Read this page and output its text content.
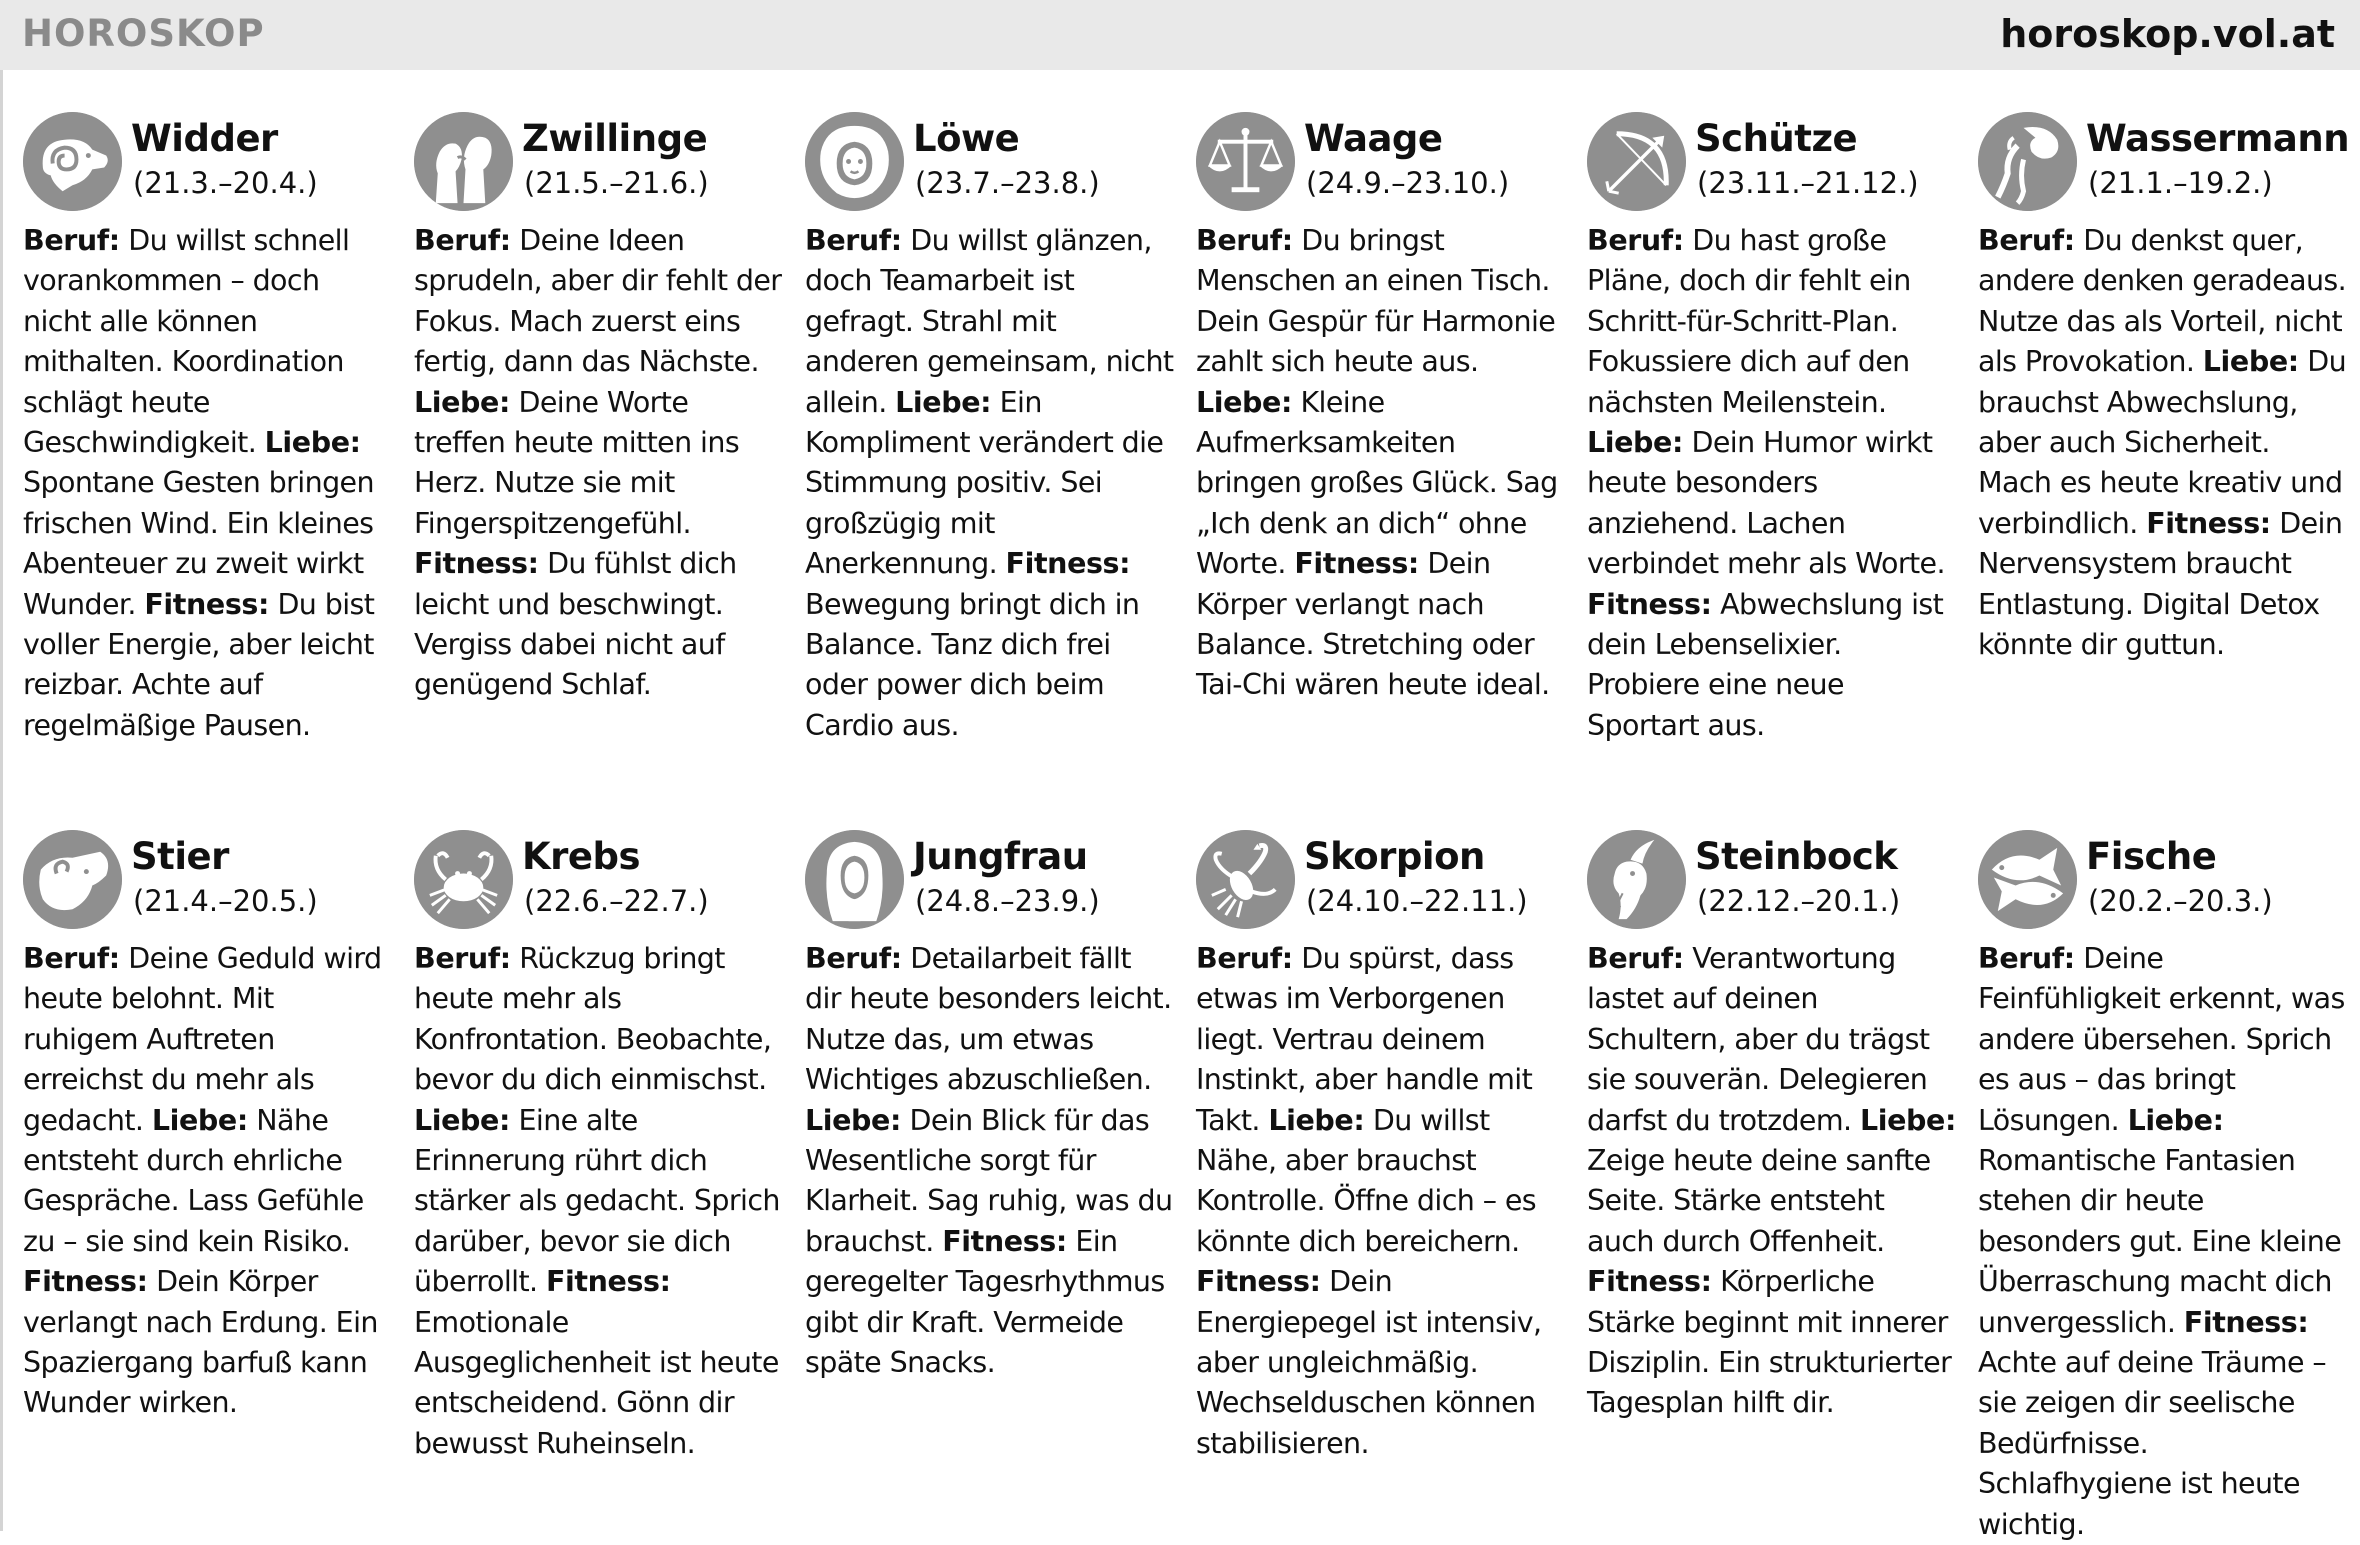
HOROSKOP	horoskop.vol.at
Widder
(21.3.–20.4.)
Beruf: Du willst schnell vorankommen – doch nicht alle können mithalten. Koordination schlägt heute Geschwindigkeit. Liebe: Spontane Gesten bringen frischen Wind. Ein kleines Abenteuer zu zweit wirkt Wunder. Fitness: Du bist voller Energie, aber leicht reizbar. Achte auf regelmäßige Pausen.
Zwillinge
(21.5.–21.6.)
Beruf: Deine Ideen sprudeln, aber dir fehlt der Fokus. Mach zuerst eins fertig, dann das Nächste. Liebe: Deine Worte treffen heute mitten ins Herz. Nutze sie mit Fingerspitzengefühl. Fitness: Du fühlst dich leicht und beschwingt. Vergiss dabei nicht auf genügend Schlaf.
Löwe
(23.7.–23.8.)
Beruf: Du willst glänzen, doch Teamarbeit ist gefragt. Strahl mit anderen gemeinsam, nicht allein. Liebe: Ein Kompliment verändert die Stimmung positiv. Sei großzügig mit Anerkennung. Fitness: Bewegung bringt dich in Balance. Tanz dich frei oder power dich beim Cardio aus.
Waage
(24.9.–23.10.)
Beruf: Du bringst Menschen an einen Tisch. Dein Gespür für Harmonie zahlt sich heute aus. Liebe: Kleine Aufmerksamkeiten bringen großes Glück. Sag „Ich denk an dich“ ohne Worte. Fitness: Dein Körper verlangt nach Balance. Stretching oder Tai-Chi wären heute ideal.
Schütze
(23.11.–21.12.)
Beruf: Du hast große Pläne, doch dir fehlt ein Schritt-für-Schritt-Plan. Fokussiere dich auf den nächsten Meilenstein. Liebe: Dein Humor wirkt heute besonders anziehend. Lachen verbindet mehr als Worte. Fitness: Abwechslung ist dein Lebenselixier. Probiere eine neue Sportart aus.
Wassermann
(21.1.–19.2.)
Beruf: Du denkst quer, andere denken geradeaus. Nutze das als Vorteil, nicht als Provokation. Liebe: Du brauchst Abwechslung, aber auch Sicherheit. Mach es heute kreativ und verbindlich. Fitness: Dein Nervensystem braucht Entlastung. Digital Detox könnte dir guttun.
Stier
(21.4.–20.5.)
Beruf: Deine Geduld wird heute belohnt. Mit ruhigem Auftreten erreichst du mehr als gedacht. Liebe: Nähe entsteht durch ehrliche Gespräche. Lass Gefühle zu – sie sind kein Risiko. Fitness: Dein Körper verlangt nach Erdung. Ein Spaziergang barfuß kann Wunder wirken.
Krebs
(22.6.–22.7.)
Beruf: Rückzug bringt heute mehr als Konfrontation. Beobachte, bevor du dich einmischst. Liebe: Eine alte Erinnerung rührt dich stärker als gedacht. Sprich darüber, bevor sie dich überrollt. Fitness: Emotionale Ausgeglichenheit ist heute entscheidend. Gönn dir bewusst Ruheinseln.
Jungfrau
(24.8.–23.9.)
Beruf: Detailarbeit fällt dir heute besonders leicht. Nutze das, um etwas Wichtiges abzuschließen. Liebe: Dein Blick für das Wesentliche sorgt für Klarheit. Sag ruhig, was du brauchst. Fitness: Ein geregelter Tagesrhythmus gibt dir Kraft. Vermeide späte Snacks.
Skorpion
(24.10.–22.11.)
Beruf: Du spürst, dass etwas im Verborgenen liegt. Vertrau deinem Instinkt, aber handle mit Takt. Liebe: Du willst Nähe, aber brauchst Kontrolle. Öffne dich – es könnte dich bereichern. Fitness: Dein Energiepegel ist intensiv, aber ungleichmäßig. Wechselduschen können stabilisieren.
Steinbock
(22.12.–20.1.)
Beruf: Verantwortung lastet auf deinen Schultern, aber du trägst sie souverän. Delegieren darfst du trotzdem. Liebe: Zeige heute deine sanfte Seite. Stärke entsteht auch durch Offenheit. Fitness: Körperliche Stärke beginnt mit innerer Disziplin. Ein strukturierter Tagesplan hilft dir.
Fische
(20.2.–20.3.)
Beruf: Deine Feinfühligkeit erkennt, was andere übersehen. Sprich es aus – das bringt Lösungen. Liebe: Romantische Fantasien stehen dir heute besonders gut. Eine kleine Überraschung macht dich unvergesslich. Fitness: Achte auf deine Träume – sie zeigen dir seelische Bedürfnisse. Schlafhygiene ist heute wichtig.
